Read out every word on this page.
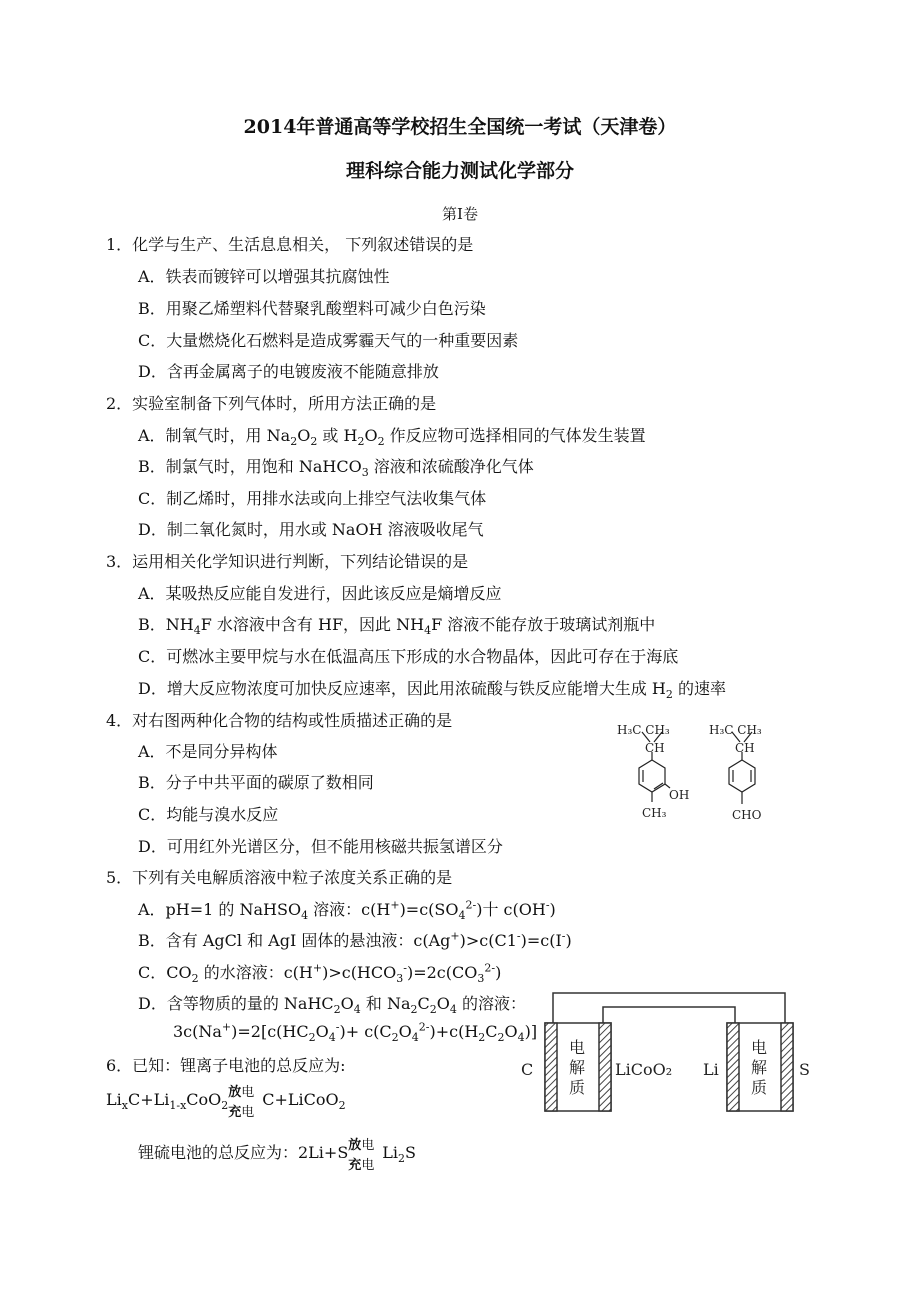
2014年普通高等学校招生全国统一考试（天津卷）
理科综合能力测试化学部分
第I卷
1．化学与生产、生活息息相关， 下列叙述错误的是
A．铁表而镀锌可以增强其抗腐蚀性
B．用聚乙烯塑料代替聚乳酸塑料可减少白色污染
C．大量燃烧化石燃料是造成雾霾天气的一种重要因素
D．含再金属离子的电镀废液不能随意排放
2．实验室制备下列气体时，所用方法正确的是
A．制氧气时，用 $Na_2O_2$ 或 $H_2O_2$ 作反应物可选择相同的气体发生装置
B．制氯气时，用饱和 NaHCO$_3$ 溶液和浓硫酸净化气体
C．制乙烯时，用排水法或向上排空气法收集气体
D．制二氧化氮时，用水或 NaOH 溶液吸收尾气
3．运用相关化学知识进行判断，下列结论错误的是
A．某吸热反应能自发进行，因此该反应是熵增反应
B．$NH_4F$ 水溶液中含有 HF，因此 $NH_4F$ 溶液不能存放于玻璃试剂瓶中
C．可燃冰主要甲烷与水在低温高压下形成的水合物晶体，因此可存在于海底
D．增大反应物浓度可加快反应速率，因此用浓硫酸与铁反应能增大生成 $H_2$ 的速率
4．对右图两种化合物的结构或性质描述正确的是
A．不是同分异构体
B．分子中共平面的碳原了数相同
C．均能与溴水反应
D．可用红外光谱区分，但不能用核磁共振氢谱区分
H₃C CH₃
CH
OH
CH₃
H₃C CH₃
CH
CHO
5．下列有关电解质溶液中粒子浓度关系正确的是
A．pH=1 的 NaHSO$_4$ 溶液：$c(H^+)=c(SO_4^{2-})$十 c(OH-)
B．含有 AgCl 和 AgI 固体的悬浊液：c(Ag+)>c(C1-)=c(I-)
C．$CO_2$ 的水溶液：$c(H^+)>c(HCO_3^-)=2c(CO_3^{2-})$
D．含等物质的量的 $NaHC_2O_4$ 和 $Na_2C_2O_4$ 的溶液：
$3c(Na^+)=2[c(HC_2O_4^-)+ c(C_2O_4^{2-})+c(H_2C_2O_4)]$
6．已知：锂离子电池的总反应为:
$Li_xC+Li_{1-x}CoO_2$
放电
充电
C+LiCoO$_2$
锂硫电池的总反应为：2Li+S 放电
充电
$Li_2S$
C	LiCoO₂ Li	S
电
解
质
电
解
质
